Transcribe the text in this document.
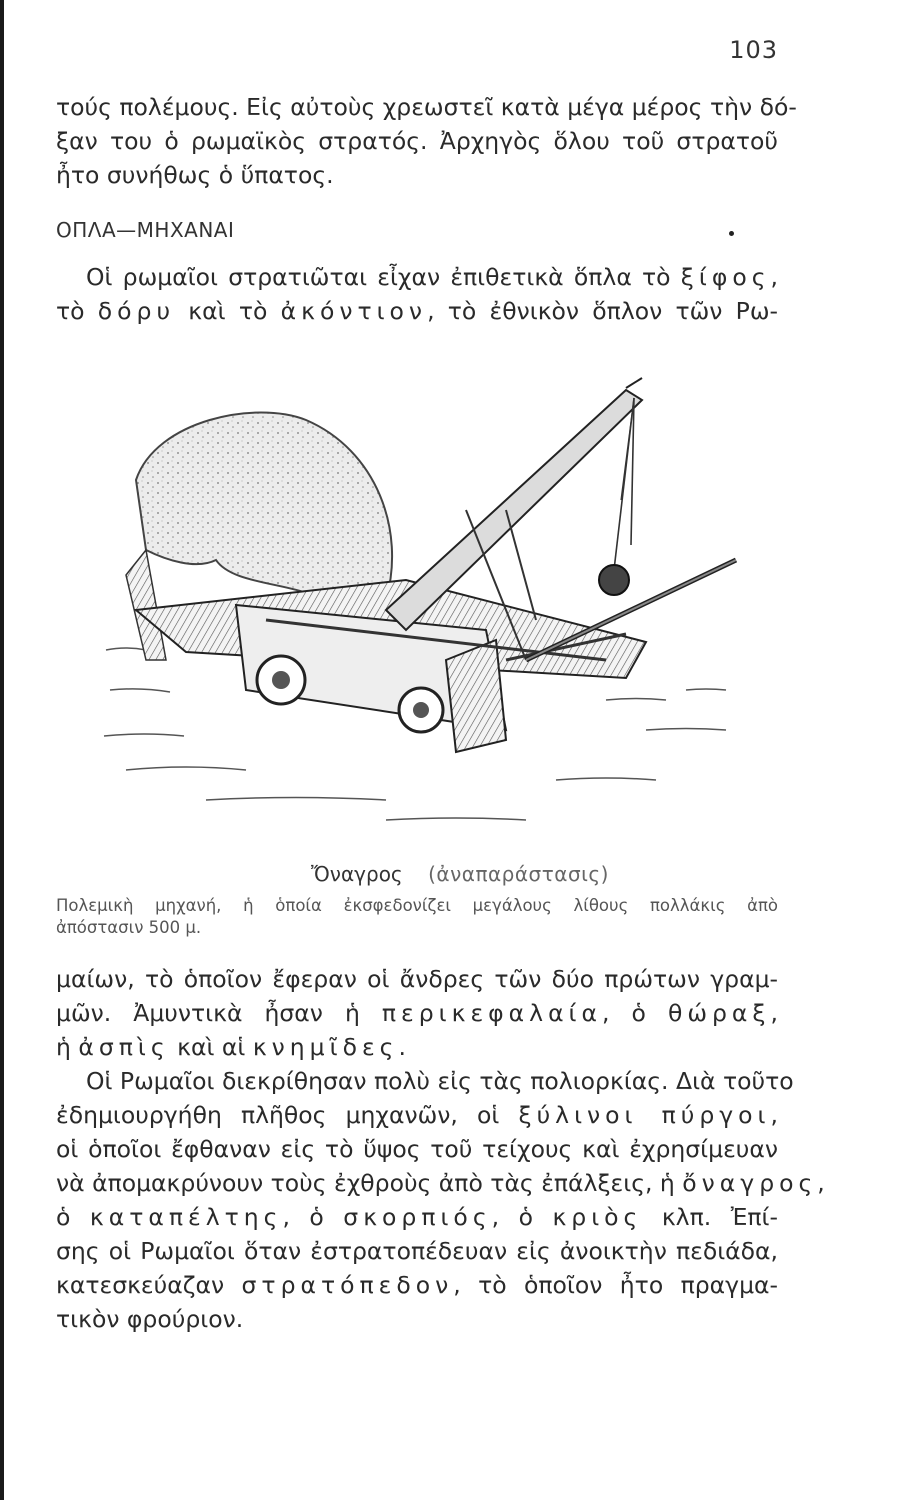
103
τούς πολέμους. Εἰς αὐτοὺς χρεωστεῖ κατὰ μέγα μέρος τὴν δό-
ξαν του ὁ ρωμαϊκὸς στρατός. Ἀρχηγὸς ὅλου τοῦ στρατοῦ
ἦτο συνήθως ὁ ὕπατος.
ΟΠΛΑ—ΜΗΧΑΝΑΙ
Οἱ ρωμαῖοι στρατιῶται εἶχαν ἐπιθετικὰ ὅπλα τὸ ξίφος,
τὸ δόρυ καὶ τὸ ἀκόντιον, τὸ ἐθνικὸν ὅπλον τῶν Ρω-
Ὄναγρος (ἀναπαράστασις)
Πολεμικὴ μηχανή, ἡ ὁποία ἐκσφεδονίζει μεγάλους λίθους πολλάκις ἀπὸ
ἀπόστασιν 500 μ.
μαίων, τὸ ὁποῖον ἔφεραν οἱ ἄνδρες τῶν δύο πρώτων γραμ-
μῶν. Ἀμυντικὰ ἦσαν ἡ περικεφαλαία, ὁ θώραξ,
ἡ ἀσπὶς καὶ αἱ κνημῖδες.
Οἱ Ρωμαῖοι διεκρίθησαν πολὺ εἰς τὰς πολιορκίας. Διὰ τοῦτο
ἐδημιουργήθη πλῆθος μηχανῶν, οἱ ξύλινοι πύργοι,
οἱ ὁποῖοι ἔφθαναν εἰς τὸ ὕψος τοῦ τείχους καὶ ἐχρησίμευαν
νὰ ἀπομακρύνουν τοὺς ἐχθροὺς ἀπὸ τὰς ἐπάλξεις, ἡ ὄναγρος,
ὁ καταπέλτης, ὁ σκορπιός, ὁ κριὸς κλπ. Ἐπί-
σης οἱ Ρωμαῖοι ὅταν ἐστρατοπέδευαν εἰς ἀνοικτὴν πεδιάδα,
κατεσκεύαζαν στρατόπεδον, τὸ ὁποῖον ἦτο πραγμα-
τικὸν φρούριον.
